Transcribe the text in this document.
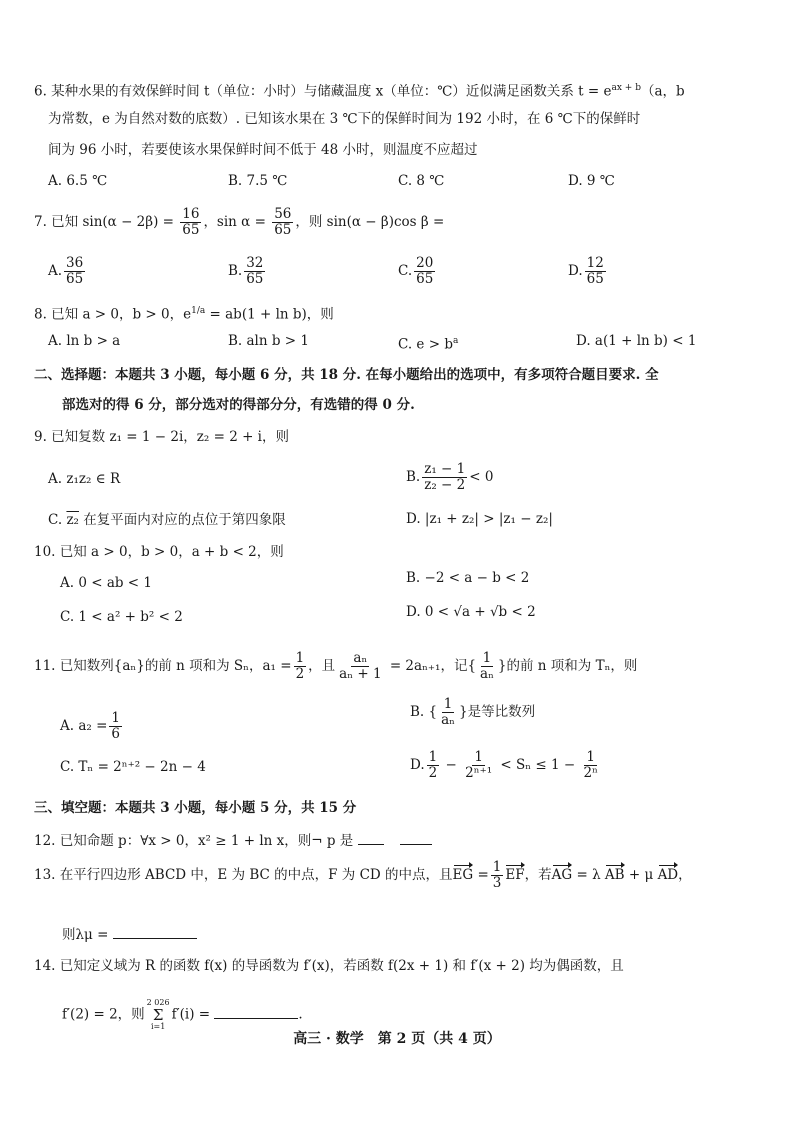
6. 某种水果的有效保鲜时间 t（单位：小时）与储藏温度 x（单位：℃）近似满足函数关系 $t = e^{ax + b}(a$，b
为常数，e 为自然对数的底数）. 已知该水果在 3 ℃下的保鲜时间为 192 小时，在 6 ℃下的保鲜时
间为 96 小时，若要使该水果保鲜时间不低于 48 小时，则温度不应超过
A. 6.5 ℃	B. 7.5 ℃	C. 8 ℃	D. 9 ℃
7. 已知 $\sin(\alpha - 2\beta) = \frac{16}{65}$ ，$\sin \alpha = \frac{56}{65}$ ，则 sin(α − β)cos β =
A. $\frac{36}{65}$	B. $\frac{32}{65}$	C. $\frac{20}{65}$	D. $\frac{12}{65}$
8. 已知 a > 0，b > 0，$e^{1/a} = ab(1 + \ln b)$，则
A. ln b > a	B. aln b > 1	C. $e > b^a$	D. a(1 + ln b) < 1
二、选择题：本题共 3 小题，每小题 6 分，共 18 分. 在每小题给出的选项中，有多项符合题目要求. 全
部选对的得 6 分，部分选对的得部分分，有选错的得 0 分.
9. 已知复数 z₁ = 1 − 2i，z₂ = 2 + i，则
A. z₁z₂ ∈ R	B. $\frac{\text{z₁ − 1}}{\text{z₂ − 2}} < 0$
C. z₂ 在复平面内对应的点位于第四象限	D. |z₁ + z₂| > |z₁ − z₂|
10. 已知 a > 0，b > 0，a + b < 2，则
A. 0 < ab < 1	B. −2 < a − b < 2
C. 1 < a² + b² < 2	D. 0 < √a + √b < 2
11. 已知数列{aₙ}的前 n 项和为 Sₙ，$a_1 = \frac{1}{2}$ ，且 $\frac{\text{aₙ}}{\text{aₙ + 1}} = 2a_{n+1}$，记{ $\frac{1}{\text{aₙ}}$ }的前 n 项和为 Tₙ，则
A. $a_2 = \frac{1}{6}$	B. { $\frac{1}{\text{aₙ}}$ }是等比数列
C. Tₙ = 2ⁿ⁺² − 2n − 4	D. $\frac{1}{2} - \frac{1}{\text{2ⁿ⁺¹}} < S_n \le 1 - \frac{1}{\text{2ⁿ}}$
三、填空题：本题共 3 小题，每小题 5 分，共 15 分
12. 已知命题 p：∀x > 0，x² ≥ 1 + ln x，则¬ p 是
13. 在平行四边形 ABCD 中，E 为 BC 的中点，F 为 CD 的中点，且EG = $\frac{1}{3}$ EF，若AG = λ AB + μ AD，
则λμ =
14. 已知定义域为 R 的函数 f(x) 的导函数为 f′(x)，若函数 f(2x + 1) 和 f′(x + 2) 均为偶函数，且
f′(2) = 2，则
2 026
Σ
i=1
f′(i) =	.
高三 · 数学　第 2 页（共 4 页）
